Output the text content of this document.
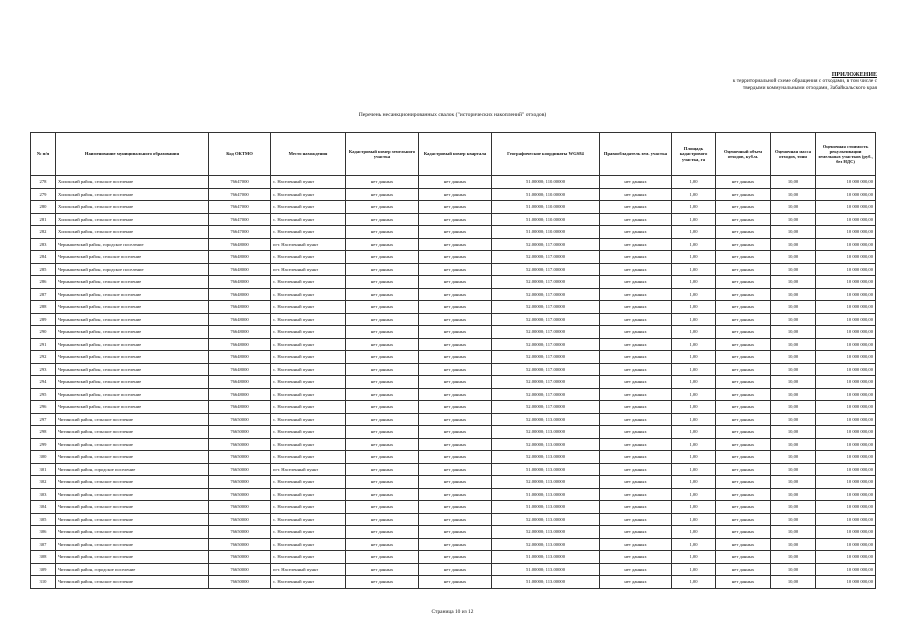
ПРИЛОЖЕНИЕ
к территориальной схеме обращения с отходами, в том числе с
твердыми коммунальными отходами, Забайкальского края
Перечень несанкционированных свалок ("исторических накоплений" отходов)
№ п/п	Наименование муниципального образования	Код ОКТМО	Место нахождения	Кадастровый номер земельного участка	Кадастровый номер квартала	Географические координаты WGS84	Правообладатель зем. участка	Площадь кадастрового участка, га	Оценочный объем отходов, куб.м.	Оценочная масса отходов, тонн	Оценочная стоимость рекультивации земельных участков (руб., без НДС)
278	Хилокский район, сельское поселение	76647000	с. Населенный пункт	нет данных	нет данных	51.00000; 110.00000	нет данных	1,00	нет данных	10,00	10 000 000,00
279	Хилокский район, сельское поселение	76647000	с. Населенный пункт	нет данных	нет данных	51.00000; 110.00000	нет данных	1,00	нет данных	10,00	10 000 000,00
280	Хилокский район, сельское поселение	76647000	с. Населенный пункт	нет данных	нет данных	51.00000; 110.00000	нет данных	1,00	нет данных	10,00	10 000 000,00
281	Хилокский район, сельское поселение	76647000	с. Населенный пункт	нет данных	нет данных	51.00000; 110.00000	нет данных	1,00	нет данных	10,00	10 000 000,00
282	Хилокский район, сельское поселение	76647000	с. Населенный пункт	нет данных	нет данных	51.00000; 110.00000	нет данных	1,00	нет данных	10,00	10 000 000,00
283	Чернышевский район, городское поселение	76648000	пгт. Населенный пункт	нет данных	нет данных	52.00000; 117.00000	нет данных	1,00	нет данных	10,00	10 000 000,00
284	Чернышевский район, сельское поселение	76648000	с. Населенный пункт	нет данных	нет данных	52.00000; 117.00000	нет данных	1,00	нет данных	10,00	10 000 000,00
285	Чернышевский район, городское поселение	76648000	пгт. Населенный пункт	нет данных	нет данных	52.00000; 117.00000	нет данных	1,00	нет данных	10,00	10 000 000,00
286	Чернышевский район, сельское поселение	76648000	с. Населенный пункт	нет данных	нет данных	52.00000; 117.00000	нет данных	1,00	нет данных	10,00	10 000 000,00
287	Чернышевский район, сельское поселение	76648000	с. Населенный пункт	нет данных	нет данных	52.00000; 117.00000	нет данных	1,00	нет данных	10,00	10 000 000,00
288	Чернышевский район, сельское поселение	76648000	с. Населенный пункт	нет данных	нет данных	52.00000; 117.00000	нет данных	1,00	нет данных	10,00	10 000 000,00
289	Чернышевский район, сельское поселение	76648000	с. Населенный пункт	нет данных	нет данных	52.00000; 117.00000	нет данных	1,00	нет данных	10,00	10 000 000,00
290	Чернышевский район, сельское поселение	76648000	с. Населенный пункт	нет данных	нет данных	52.00000; 117.00000	нет данных	1,00	нет данных	10,00	10 000 000,00
291	Чернышевский район, сельское поселение	76648000	с. Населенный пункт	нет данных	нет данных	52.00000; 117.00000	нет данных	1,00	нет данных	10,00	10 000 000,00
292	Чернышевский район, сельское поселение	76648000	с. Населенный пункт	нет данных	нет данных	52.00000; 117.00000	нет данных	1,00	нет данных	10,00	10 000 000,00
293	Чернышевский район, сельское поселение	76648000	с. Населенный пункт	нет данных	нет данных	52.00000; 117.00000	нет данных	1,00	нет данных	10,00	10 000 000,00
294	Чернышевский район, сельское поселение	76648000	с. Населенный пункт	нет данных	нет данных	52.00000; 117.00000	нет данных	1,00	нет данных	10,00	10 000 000,00
295	Чернышевский район, сельское поселение	76648000	с. Населенный пункт	нет данных	нет данных	52.00000; 117.00000	нет данных	1,00	нет данных	10,00	10 000 000,00
296	Чернышевский район, сельское поселение	76648000	с. Населенный пункт	нет данных	нет данных	52.00000; 117.00000	нет данных	1,00	нет данных	10,00	10 000 000,00
297	Читинский район, сельское поселение	76650000	с. Населенный пункт	нет данных	нет данных	52.00000; 113.00000	нет данных	1,00	нет данных	10,00	10 000 000,00
298	Читинский район, сельское поселение	76650000	с. Населенный пункт	нет данных	нет данных	52.00000; 113.00000	нет данных	1,00	нет данных	10,00	10 000 000,00
299	Читинский район, сельское поселение	76650000	с. Населенный пункт	нет данных	нет данных	52.00000; 113.00000	нет данных	1,00	нет данных	10,00	10 000 000,00
300	Читинский район, сельское поселение	76650000	с. Населенный пункт	нет данных	нет данных	52.00000; 113.00000	нет данных	1,00	нет данных	10,00	10 000 000,00
301	Читинский район, городское поселение	76650000	пгт. Населенный пункт	нет данных	нет данных	51.00000; 113.00000	нет данных	1,00	нет данных	10,00	10 000 000,00
302	Читинский район, сельское поселение	76650000	с. Населенный пункт	нет данных	нет данных	52.00000; 113.00000	нет данных	1,00	нет данных	10,00	10 000 000,00
303	Читинский район, сельское поселение	76650000	с. Населенный пункт	нет данных	нет данных	51.00000; 113.00000	нет данных	1,00	нет данных	10,00	10 000 000,00
304	Читинский район, сельское поселение	76650000	с. Населенный пункт	нет данных	нет данных	51.00000; 113.00000	нет данных	1,00	нет данных	10,00	10 000 000,00
305	Читинский район, сельское поселение	76650000	с. Населенный пункт	нет данных	нет данных	52.00000; 113.00000	нет данных	1,00	нет данных	10,00	10 000 000,00
306	Читинский район, сельское поселение	76650000	с. Населенный пункт	нет данных	нет данных	52.00000; 113.00000	нет данных	1,00	нет данных	10,00	10 000 000,00
307	Читинский район, сельское поселение	76650000	с. Населенный пункт	нет данных	нет данных	52.00000; 113.00000	нет данных	1,00	нет данных	10,00	10 000 000,00
308	Читинский район, сельское поселение	76650000	с. Населенный пункт	нет данных	нет данных	51.00000; 113.00000	нет данных	1,00	нет данных	10,00	10 000 000,00
309	Читинский район, городское поселение	76650000	пгт. Населенный пункт	нет данных	нет данных	51.00000; 113.00000	нет данных	1,00	нет данных	10,00	10 000 000,00
310	Читинский район, сельское поселение	76650000	с. Населенный пункт	нет данных	нет данных	51.00000; 113.00000	нет данных	1,00	нет данных	10,00	10 000 000,00
Страница 10 из 12
